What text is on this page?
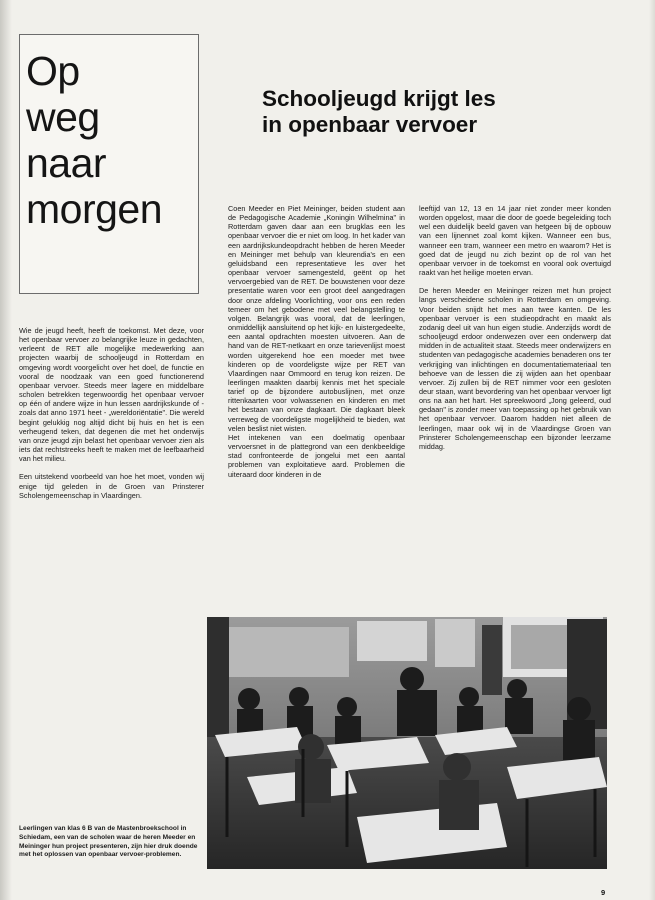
Op
weg
naar
morgen
Schooljeugd krijgt les
in openbaar vervoer

Wie de jeugd heeft, heeft de toekomst. Met deze, voor het openbaar vervoer zo belangrijke leuze in gedachten, verleent de RET alle mogelijke medewerking aan projecten waarbij de schooljeugd in Rotterdam en omgeving wordt voorgelicht over het doel, de functie en vooral de noodzaak van een goed functionerend openbaar vervoer. Steeds meer lagere en middelbare scholen betrekken tegenwoordig het openbaar vervoer op één of andere wijze in hun lessen aardrijkskunde of - zoals dat anno 1971 heet - „wereldoriëntatie". Die wereld begint gelukkig nog altijd dicht bij huis en het is een verheugend teken, dat degenen die met het onderwijs van onze jeugd zijn belast het openbaar vervoer zien als iets dat rechtstreeks heeft te maken met de leefbaarheid van het milieu.

Een uitstekend voorbeeld van hoe het moet, vonden wij enige tijd geleden in de Groen van Prinsterer Scholengemeenschap in Vlaardingen.

Coen Meeder en Piet Meininger, beiden student aan de Pedagogische Academie „Koningin Wilhelmina" in Rotterdam gaven daar aan een brugklas een les openbaar vervoer die er niet om loog. In het kader van een aardrijkskundeopdracht hebben de heren Meeder en Meininger met behulp van kleurendia's en een geluidsband een representatieve les over het openbaar vervoer samengesteld, geënt op het vervoergebied van de RET. De bouwstenen voor deze presentatie waren voor een groot deel aangedragen door onze afdeling Voorlichting, voor ons een reden temeer om het gebodene met veel belangstelling te volgen. Belangrijk was vooral, dat de leerlingen, onmiddellijk aansluitend op het kijk- en luistergedeelte, een aantal opdrachten moesten uitvoeren. Aan de hand van de RET-netkaart en onze tarievenlijst moest worden uitgerekend hoe een moeder met twee kinderen op de voordeligste wijze per RET van Vlaardingen naar Ommoord en terug kon reizen. De leerlingen maakten daarbij kennis met het speciale tarief op de bijzondere autobuslijnen, met onze rittenkaarten voor volwassenen en kinderen en met het bestaan van onze dagkaart. Die dagkaart bleek verreweg de voordeligste mogelijkheid te bieden, wat velen beslist niet wisten.

Het intekenen van een doelmatig openbaar vervoersnet in de plattegrond van een denkbeeldige stad confronteerde de jongelui met een aantal problemen van exploitatieve aard. Problemen die uiteraard door kinderen in de

leeftijd van 12, 13 en 14 jaar niet zonder meer konden worden opgelost, maar die door de goede begeleiding toch wel een duidelijk beeld gaven van hetgeen bij de opbouw van een lijnennet zoal komt kijken. Wanneer een bus, wanneer een tram, wanneer een metro en waarom? Het is goed dat de jeugd nu zich bezint op de rol van het openbaar vervoer in de toekomst en vooral ook overtuigd raakt van het heilige moeten ervan.

De heren Meeder en Meininger reizen met hun project langs verscheidene scholen in Rotterdam en omgeving. Voor beiden snijdt het mes aan twee kanten. De les openbaar vervoer is een studieopdracht en maakt als zodanig deel uit van hun eigen studie. Anderzijds wordt de schooljeugd erdoor onderwezen over een onderwerp dat midden in de actualiteit staat. Steeds meer onderwijzers en studenten van pedagogische academies benaderen ons ter verkrijging van inlichtingen en documentatiemateriaal ten behoeve van de lessen die zij wijden aan het openbaar vervoer. Zij zullen bij de RET nimmer voor een gesloten deur staan, want bevordering van het openbaar vervoer ligt ons na aan het hart. Het spreekwoord „Jong geleerd, oud gedaan" is zonder meer van toepassing op het gebruik van het openbaar vervoer. Daarom hadden niet alleen de leerlingen, maar ook wij in de Vlaardingse Groen van Prinsterer Scholengemeenschap een bijzonder leerzame middag.

Leerlingen van klas 6 B van de Mastenbroekschool in Schiedam, een van de scholen waar de heren Meeder en Meininger hun project presenteren, zijn hier druk doende met het oplossen van openbaar vervoer-problemen.
9
